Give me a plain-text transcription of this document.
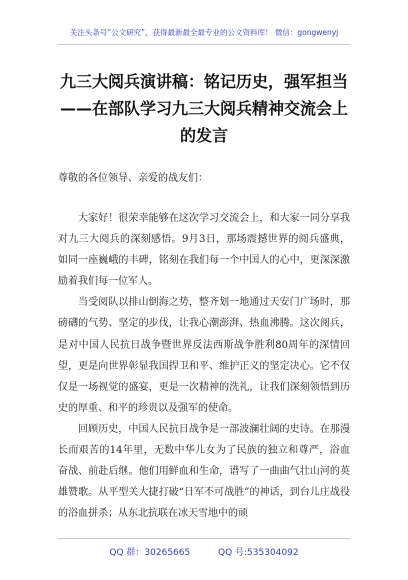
关注头条号“公文研究”，获得最新最全最专业的公文资料库！ 微信：gongwenyj
九三大阅兵演讲稿：铭记历史，强军担当——在部队学习九三大阅兵精神交流会上的发言
尊敬的各位领导、亲爱的战友们：

大家好！很荣幸能够在这次学习交流会上，和大家一同分享我对九三大阅兵的深刻感悟。9月3日，那场震撼世界的阅兵盛典，如同一座巍峨的丰碑，铭刻在我们每一个中国人的心中，更深深激励着我们每一位军人。

当受阅队以排山倒海之势，整齐划一地通过天安门广场时，那磅礴的气势、坚定的步伐，让我心潮澎湃、热血沸腾。这次阅兵，是对中国人民抗日战争暨世界反法西斯战争胜利80周年的深情回望，更是向世界彰显我国捍卫和平、维护正义的坚定决心。它不仅仅是一场视觉的盛宴，更是一次精神的洗礼，让我们深刻领悟到历史的厚重、和平的珍贵以及强军的使命。

回顾历史，中国人民抗日战争是一部波澜壮阔的史诗。在那漫长而艰苦的14年里，无数中华儿女为了民族的独立和尊严，浴血奋战、前赴后继。他们用鲜血和生命，谱写了一曲曲气壮山河的英雄赞歌。从平型关大捷打破“日军不可战胜”的神话，到台儿庄战役的浴血拼杀；从东北抗联在冰天雪地中的顽

QQ 群：30265665	QQ 号:535304092
